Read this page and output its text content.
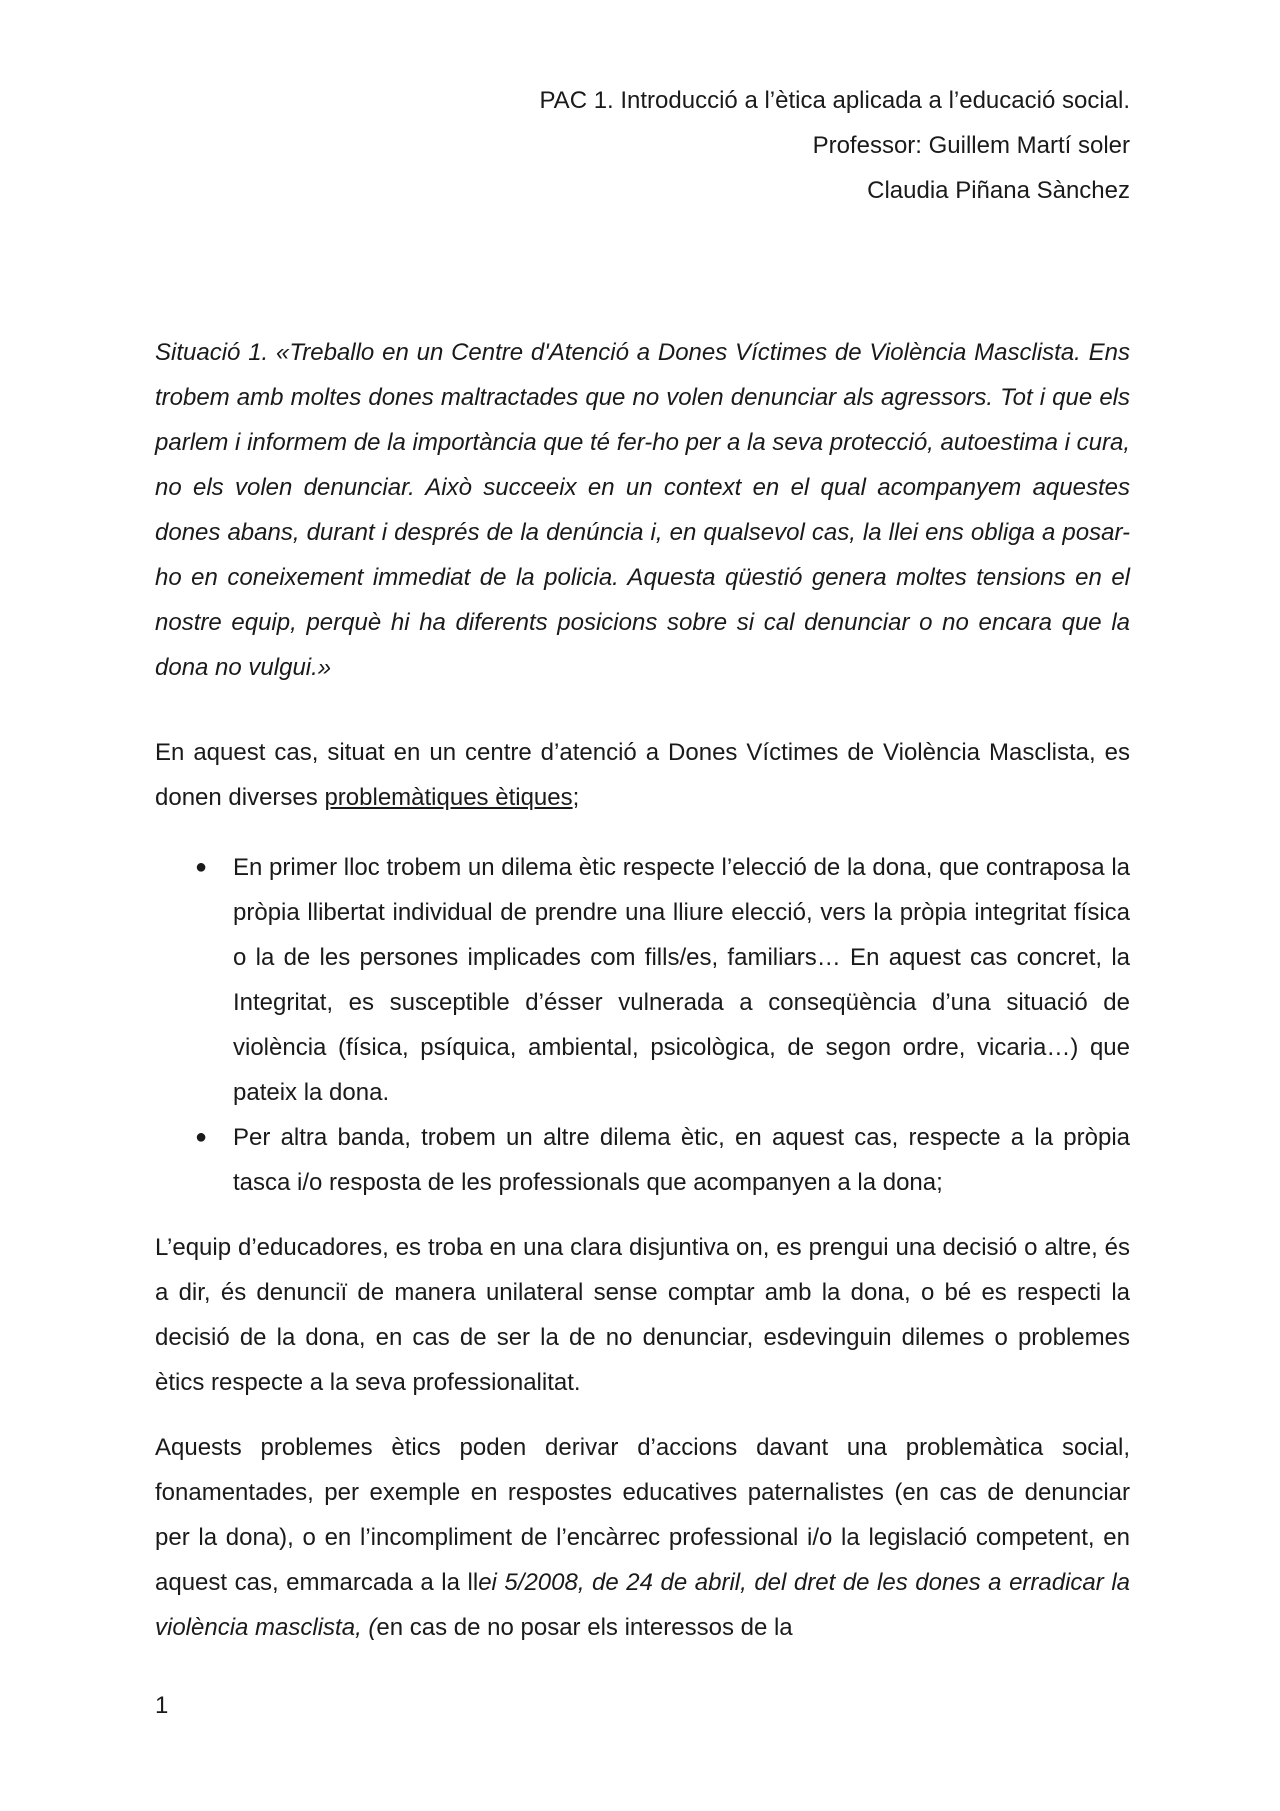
PAC 1. Introducció a l’ètica aplicada a l’educació social.
Professor: Guillem Martí soler
Claudia Piñana Sànchez

Situació 1. «Treballo en un Centre d'Atenció a Dones Víctimes de Violència Masclista. Ens trobem amb moltes dones maltractades que no volen denunciar als agressors. Tot i que els parlem i informem de la importància que té fer-ho per a la seva protecció, autoestima i cura, no els volen denunciar. Això succeeix en un context en el qual acompanyem aquestes dones abans, durant i després de la denúncia i, en qualsevol cas, la llei ens obliga a posar-ho en coneixement immediat de la policia. Aquesta qüestió genera moltes tensions en el nostre equip, perquè hi ha diferents posicions sobre si cal denunciar o no encara que la dona no vulgui.»

En aquest cas, situat en un centre d’atenció a Dones Víctimes de Violència Masclista, es donen diverses problemàtiques ètiques;

● En primer lloc trobem un dilema ètic respecte l’elecció de la dona, que contraposa la pròpia llibertat individual de prendre una lliure elecció, vers la pròpia integritat física o la de les persones implicades com fills/es, familiars… En aquest cas concret, la Integritat, es susceptible d’ésser vulnerada a conseqüència d’una situació de violència (física, psíquica, ambiental, psicològica, de segon ordre, vicaria…) que pateix la dona.
● Per altra banda, trobem un altre dilema ètic, en aquest cas, respecte a la pròpia tasca i/o resposta de les professionals que acompanyen a la dona;

L’equip d’educadores, es troba en una clara disjuntiva on, es prengui una decisió o altre, és a dir, és denunciï de manera unilateral sense comptar amb la dona, o bé es respecti la decisió de la dona, en cas de ser la de no denunciar, esdevinguin dilemes o problemes ètics respecte a la seva professionalitat.

Aquests problemes ètics poden derivar d’accions davant una problemàtica social, fonamentades, per exemple en respostes educatives paternalistes (en cas de denunciar per la dona), o en l’incompliment de l’encàrrec professional i/o la legislació competent, en aquest cas, emmarcada a la llei 5/2008, de 24 de abril, del dret de les dones a erradicar la violència masclista, (en cas de no posar els interessos de la

1
